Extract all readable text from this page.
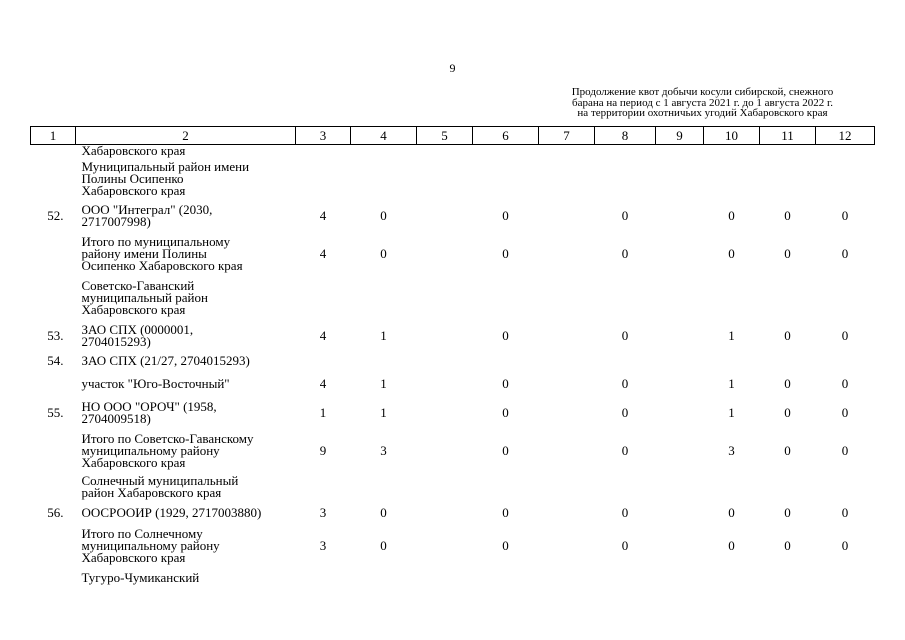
9
Продолжение квот добычи косули сибирской, снежного
барана на период с 1 августа 2021 г. до 1 августа 2022 г.
на территории охотничьих угодий Хабаровского края
1	2	3	4	5	6	7	8	9	10	11	12

	Хабаровского края										

	Муниципальный район имени
Полины Осипенко
Хабаровского края										

52.	ООО "Интеграл" (2030,
2717007998)	4	0		0		0		0	0	0

	Итого по муниципальному
району имени Полины
Осипенко Хабаровского края	4	0		0		0		0	0	0

	Советско-Гаванский
муниципальный район
Хабаровского края										

53.	ЗАО СПХ (0000001,
2704015293)	4	1		0		0		1	0	0
54.	ЗАО СПХ (21/27, 2704015293)										

	участок "Юго-Восточный"	4	1		0		0		1	0	0
55.	НО ООО "ОРОЧ" (1958,
2704009518)	1	1		0		0		1	0	0

	Итого по Советско-Гаванскому
муниципальному району
Хабаровского края	9	3		0		0		3	0	0

	Солнечный муниципальный
район Хабаровского края										

56.	ООСРООИР (1929, 2717003880)	3	0		0		0		0	0	0

	Итого по Солнечному
муниципальному району
Хабаровского края	3	0		0		0		0	0	0

	Тугуро-Чумиканский										
